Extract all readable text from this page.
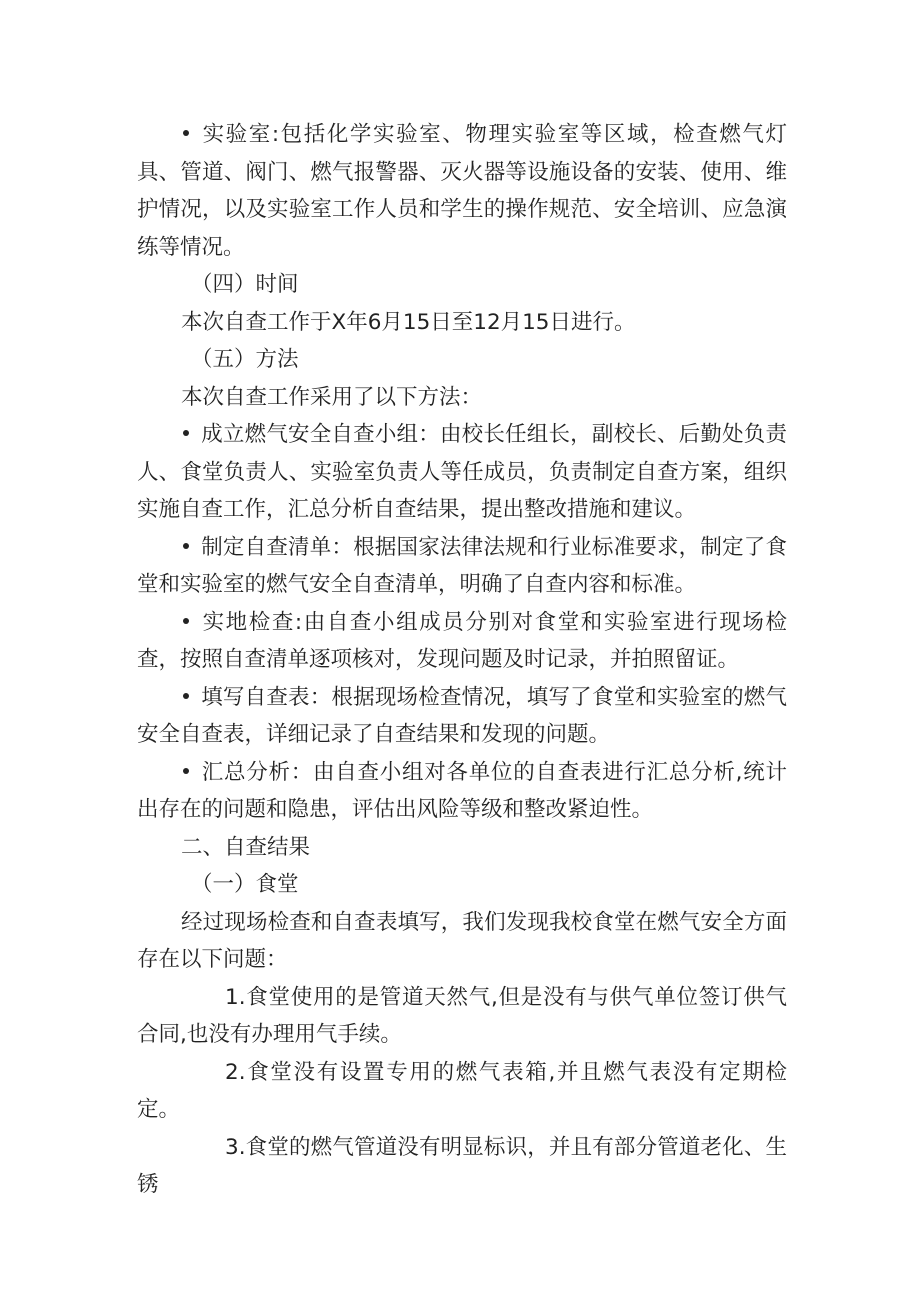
实验室:包括化学实验室、物理实验室等区域，检查燃气灯具、管道、阀门、燃气报警器、灭火器等设施设备的安装、使用、维护情况，以及实验室工作人员和学生的操作规范、安全培训、应急演练等情况。

（四）时间

本次自查工作于X年6月15日至12月15日进行。

（五）方法

本次自查工作采用了以下方法：

成立燃气安全自查小组：由校长任组长，副校长、后勤处负责人、食堂负责人、实验室负责人等任成员，负责制定自查方案，组织实施自查工作，汇总分析自查结果，提出整改措施和建议。

制定自查清单：根据国家法律法规和行业标准要求，制定了食堂和实验室的燃气安全自查清单，明确了自查内容和标准。

实地检查:由自查小组成员分别对食堂和实验室进行现场检查，按照自查清单逐项核对，发现问题及时记录，并拍照留证。

填写自查表：根据现场检查情况，填写了食堂和实验室的燃气安全自查表，详细记录了自查结果和发现的问题。

汇总分析：由自查小组对各单位的自查表进行汇总分析,统计出存在的问题和隐患，评估出风险等级和整改紧迫性。

二、自查结果

（一）食堂

经过现场检查和自查表填写，我们发现我校食堂在燃气安全方面存在以下问题：

1.食堂使用的是管道天然气,但是没有与供气单位签订供气合同,也没有办理用气手续。

2.食堂没有设置专用的燃气表箱,并且燃气表没有定期检定。

3.食堂的燃气管道没有明显标识，并且有部分管道老化、生锈
